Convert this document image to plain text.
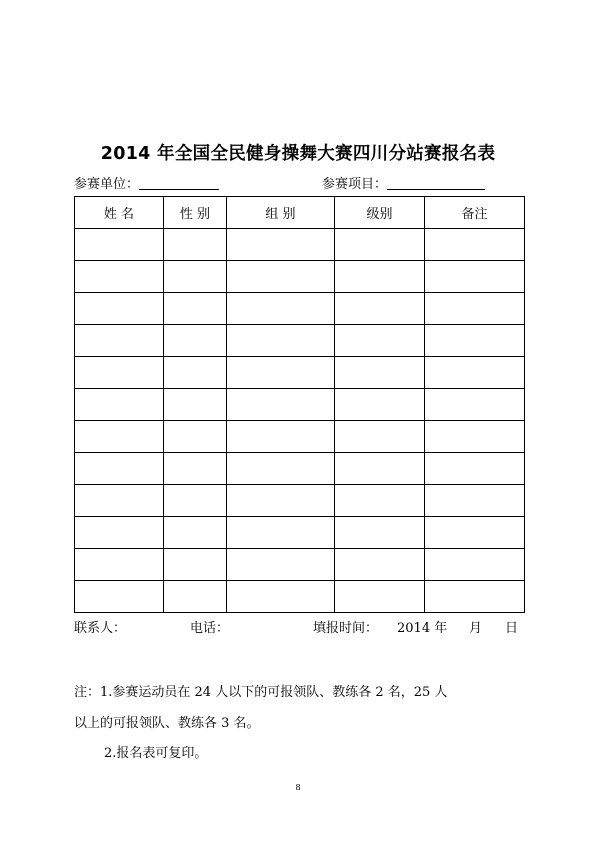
2014 年全国全民健身操舞大赛四川分站赛报名表
参赛单位：	参赛项目：
姓 名	性 别	组 别	级别	备注

联系人：	电话：	填报时间： 2014 年 月 日
注：1.参赛运动员在 24 人以下的可报领队、教练各 2 名，25 人
以上的可报领队、教练各 3 名。
2.报名表可复印。
8
